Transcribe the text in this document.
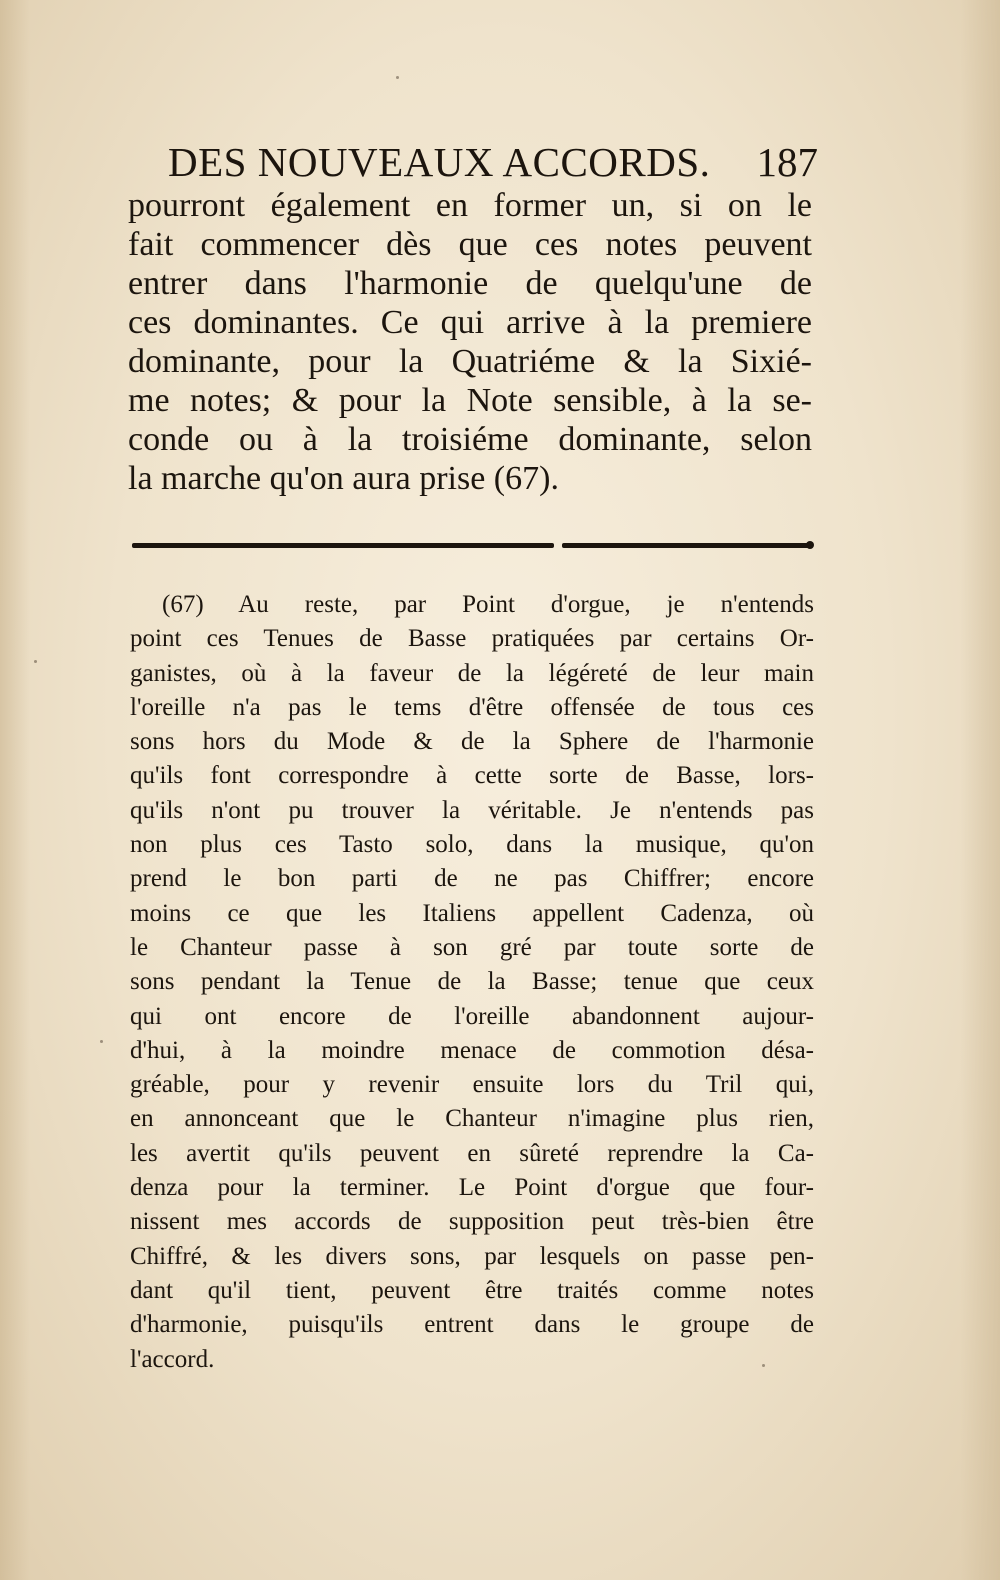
DES NOUVEAUX ACCORDS. 187
pourront également en former un, si on le
fait commencer dès que ces notes peuvent
entrer dans l'harmonie de quelqu'une de
ces dominantes. Ce qui arrive à la premiere
dominante, pour la Quatriéme & la Sixié-
me notes; & pour la Note sensible, à la se-
conde ou à la troisiéme dominante, selon
la marche qu'on aura prise (67).
(67) Au reste, par Point d'orgue, je n'entends
point ces Tenues de Basse pratiquées par certains Or-
ganistes, où à la faveur de la légéreté de leur main
l'oreille n'a pas le tems d'être offensée de tous ces
sons hors du Mode & de la Sphere de l'harmonie
qu'ils font correspondre à cette sorte de Basse, lors-
qu'ils n'ont pu trouver la véritable. Je n'entends pas
non plus ces Tasto solo, dans la musique, qu'on
prend le bon parti de ne pas Chiffrer; encore
moins ce que les Italiens appellent Cadenza, où
le Chanteur passe à son gré par toute sorte de
sons pendant la Tenue de la Basse; tenue que ceux
qui ont encore de l'oreille abandonnent aujour-
d'hui, à la moindre menace de commotion désa-
gréable, pour y revenir ensuite lors du Tril qui,
en annonceant que le Chanteur n'imagine plus rien,
les avertit qu'ils peuvent en sûreté reprendre la Ca-
denza pour la terminer. Le Point d'orgue que four-
nissent mes accords de supposition peut très-bien être
Chiffré, & les divers sons, par lesquels on passe pen-
dant qu'il tient, peuvent être traités comme notes
d'harmonie, puisqu'ils entrent dans le groupe de
l'accord.
